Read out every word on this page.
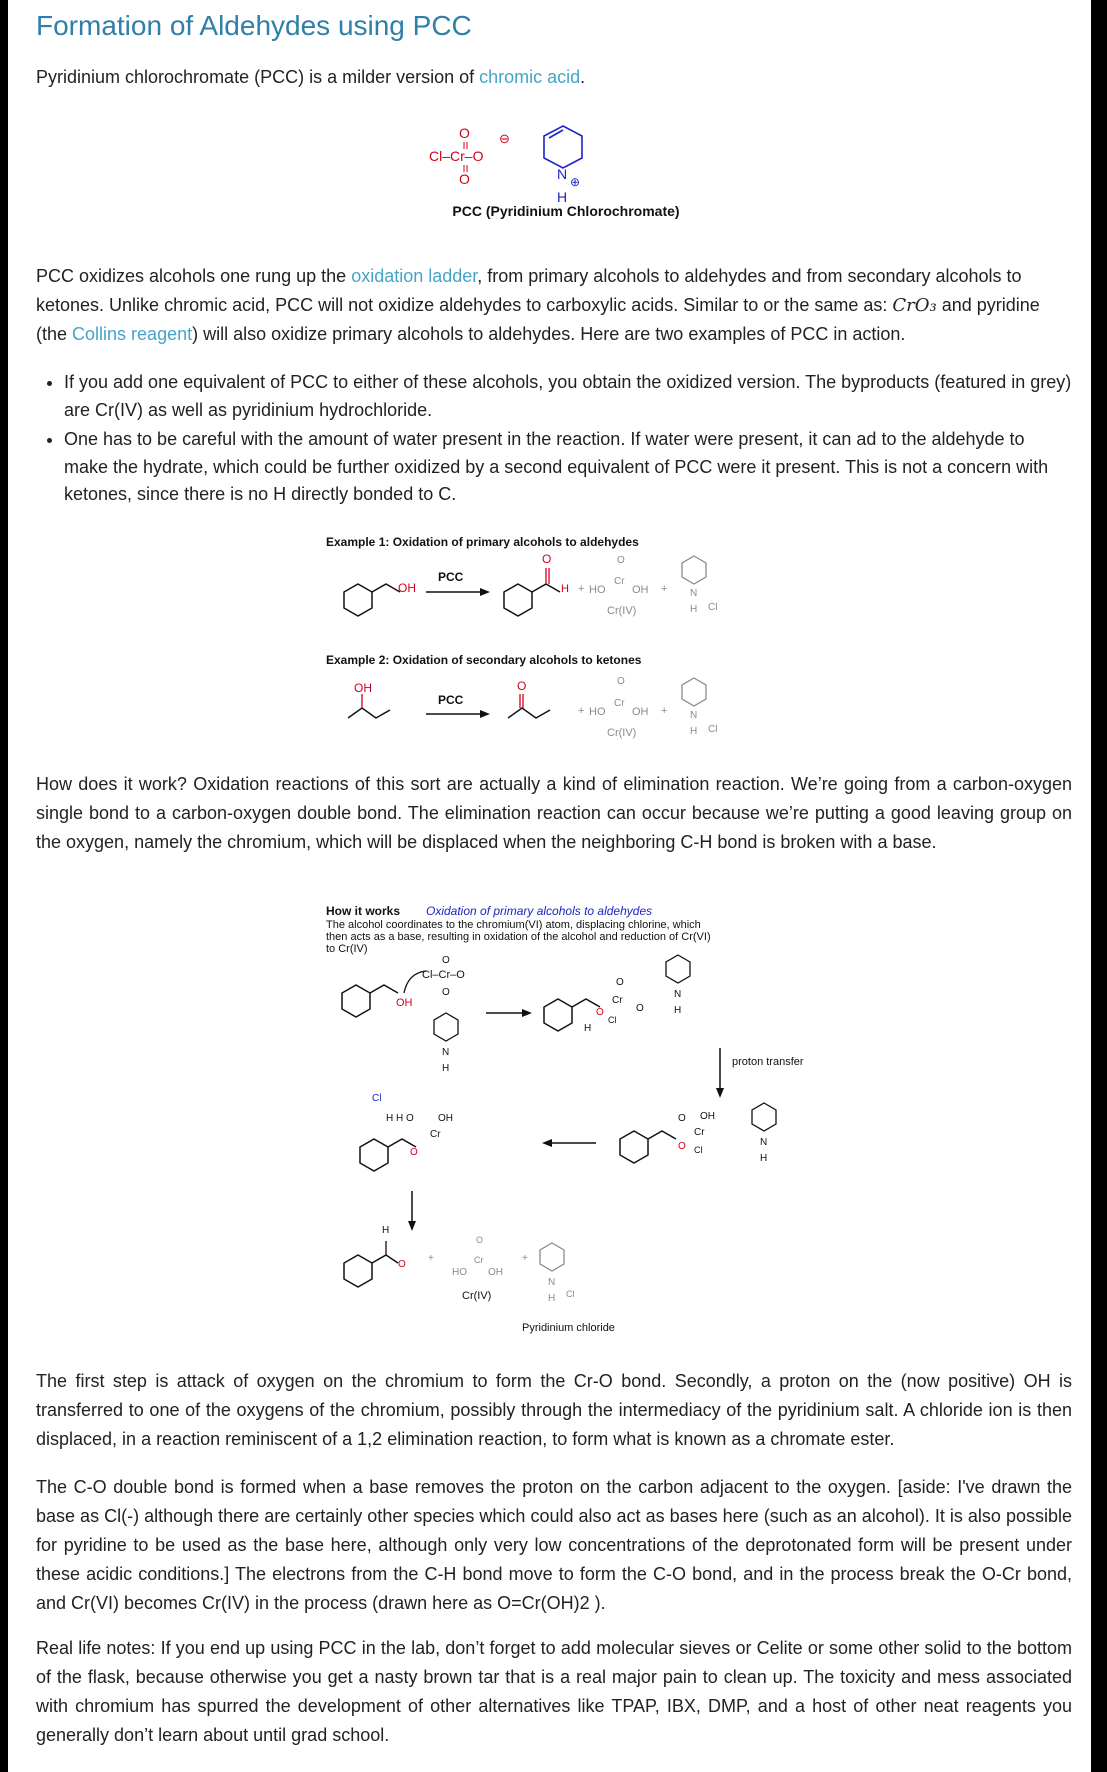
Formation of Aldehydes using PCC

Pyridinium chlorochromate (PCC) is a milder version of chromic acid.

O
O
Cl–Cr–O
⊖
N ⊕
H
PCC (Pyridinium Chlorochromate)

PCC oxidizes alcohols one rung up the oxidation ladder, from primary alcohols to aldehydes and from secondary alcohols to ketones. Unlike chromic acid, PCC will not oxidize aldehydes to carboxylic acids. Similar to or the same as: CrO₃ and pyridine (the Collins reagent) will also oxidize primary alcohols to aldehydes. Here are two examples of PCC in action.

• If you add one equivalent of PCC to either of these alcohols, you obtain the oxidized version. The byproducts (featured in grey) are Cr(IV) as well as pyridinium hydrochloride.
• One has to be careful with the amount of water present in the reaction. If water were present, it can ad to the aldehyde to make the hydrate, which could be further oxidized by a second equivalent of PCC were it present. This is not a concern with ketones, since there is no H directly bonded to C.
Example 1: Oxidation of primary alcohols to aldehydes
OH
PCC
O
H + HO
Cr
O
OH
Cr(IV)
+ N
H Cl
Example 2: Oxidation of secondary alcohols to ketones
OH
PCC
O
+ HO
Cr
O
OH
Cr(IV)
+ N
H Cl

How does it work? Oxidation reactions of this sort are actually a kind of elimination reaction. We’re going from a carbon-oxygen single bond to a carbon-oxygen double bond. The elimination reaction can occur because we’re putting a good leaving group on the oxygen, namely the chromium, which will be displaced when the neighboring C-H bond is broken with a base.

How it works Oxidation of primary alcohols to aldehydes
The alcohol coordinates to the chromium(VI) atom, displacing chlorine, which
then acts as a base, resulting in oxidation of the alcohol and reduction of Cr(VI)
to Cr(IV)
OH
Cl–Cr–O
O
O
N
H
O
Cr
Cl
O
O
H
N
H
proton transfer
O
Cr
Cl
OH
O
N
H
Cl
H H O OH
O
Cr
H
O
+
HO
Cr
O
OH
Cr(IV)
+
N
H Cl
Pyridinium chloride

The first step is attack of oxygen on the chromium to form the Cr-O bond. Secondly, a proton on the (now positive) OH is transferred to one of the oxygens of the chromium, possibly through the intermediacy of the pyridinium salt. A chloride ion is then displaced, in a reaction reminiscent of a 1,2 elimination reaction, to form what is known as a chromate ester.

The C-O double bond is formed when a base removes the proton on the carbon adjacent to the oxygen. [aside: I've drawn the base as Cl(-) although there are certainly other species which could also act as bases here (such as an alcohol). It is also possible for pyridine to be used as the base here, although only very low concentrations of the deprotonated form will be present under these acidic conditions.] The electrons from the C-H bond move to form the C-O bond, and in the process break the O-Cr bond, and Cr(VI) becomes Cr(IV) in the process (drawn here as O=Cr(OH)2 ).

Real life notes: If you end up using PCC in the lab, don’t forget to add molecular sieves or Celite or some other solid to the bottom of the flask, because otherwise you get a nasty brown tar that is a real major pain to clean up. The toxicity and mess associated with chromium has spurred the development of other alternatives like TPAP, IBX, DMP, and a host of other neat reagents you generally don’t learn about until grad school.
